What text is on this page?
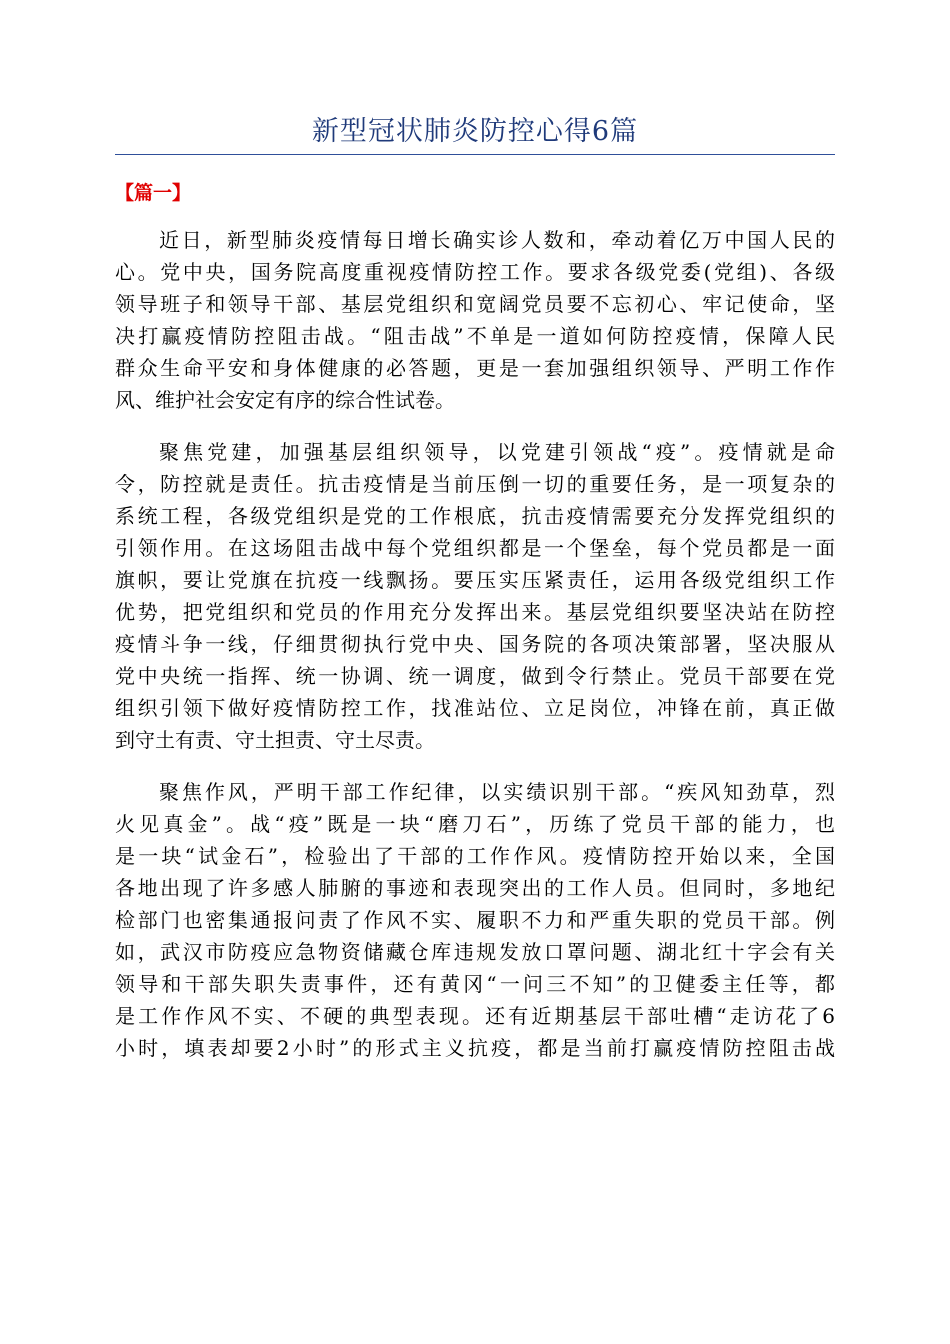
新型冠状肺炎防控心得6篇
【篇一】
近日，新型肺炎疫情每日增长确实诊人数和，牵动着亿万中国人民的
心。党中央，国务院高度重视疫情防控工作。要求各级党委(党组)、各级
领导班子和领导干部、基层党组织和宽阔党员要不忘初心、牢记使命，坚
决打赢疫情防控阻击战。“阻击战”不单是一道如何防控疫情，保障人民
群众生命平安和身体健康的必答题，更是一套加强组织领导、严明工作作
风、维护社会安定有序的综合性试卷。
聚焦党建，加强基层组织领导，以党建引领战“疫”。疫情就是命
令，防控就是责任。抗击疫情是当前压倒一切的重要任务，是一项复杂的
系统工程，各级党组织是党的工作根底，抗击疫情需要充分发挥党组织的
引领作用。在这场阻击战中每个党组织都是一个堡垒，每个党员都是一面
旗帜，要让党旗在抗疫一线飘扬。要压实压紧责任，运用各级党组织工作
优势，把党组织和党员的作用充分发挥出来。基层党组织要坚决站在防控
疫情斗争一线，仔细贯彻执行党中央、国务院的各项决策部署，坚决服从
党中央统一指挥、统一协调、统一调度，做到令行禁止。党员干部要在党
组织引领下做好疫情防控工作，找准站位、立足岗位，冲锋在前，真正做
到守土有责、守土担责、守土尽责。
聚焦作风，严明干部工作纪律，以实绩识别干部。“疾风知劲草，烈
火见真金”。战“疫”既是一块“磨刀石”，历练了党员干部的能力，也
是一块“试金石”，检验出了干部的工作作风。疫情防控开始以来，全国
各地出现了许多感人肺腑的事迹和表现突出的工作人员。但同时，多地纪
检部门也密集通报问责了作风不实、履职不力和严重失职的党员干部。例
如，武汉市防疫应急物资储藏仓库违规发放口罩问题、湖北红十字会有关
领导和干部失职失责事件，还有黄冈“一问三不知”的卫健委主任等，都
是工作作风不实、不硬的典型表现。还有近期基层干部吐槽“走访花了6
小时，填表却要2小时”的形式主义抗疫，都是当前打赢疫情防控阻击战
